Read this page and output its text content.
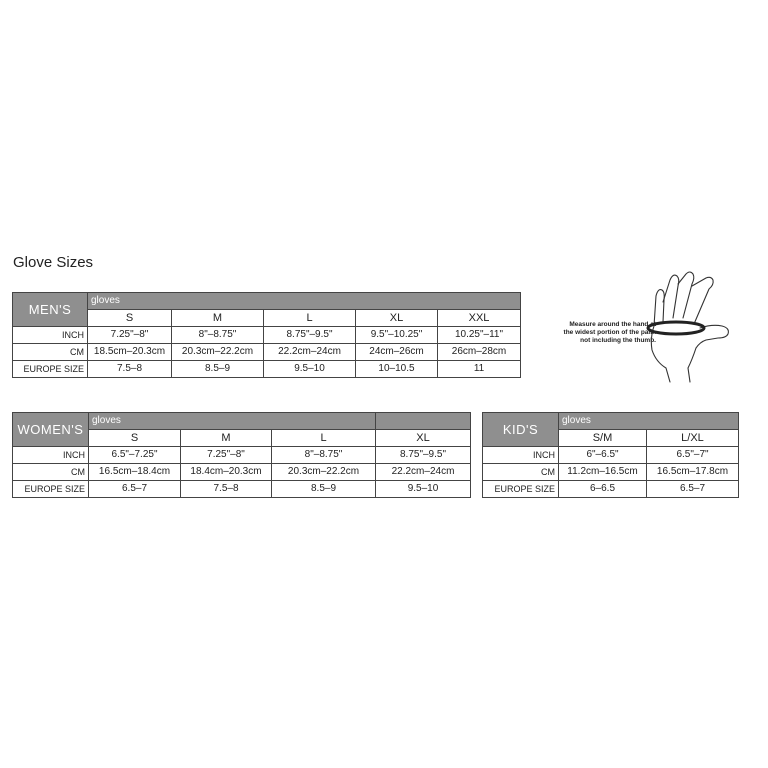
Glove Sizes
MEN'S	gloves				
	S	M	L	XL	XXL
INCH	7.25"–8"	8"–8.75"	8.75"–9.5"	9.5"–10.25"	10.25"–11"
CM	18.5cm–20.3cm	20.3cm–22.2cm	22.2cm–24cm	24cm–26cm	26cm–28cm
EUROPE SIZE	7.5–8	8.5–9	9.5–10	10–10.5	11
Measure around the hand at
the widest portion of the palm
not including the thumb.
WOMEN'S	gloves			
	S	M	L	XL
INCH	6.5"–7.25"	7.25"–8"	8"–8.75"	8.75"–9.5"
CM	16.5cm–18.4cm	18.4cm–20.3cm	20.3cm–22.2cm	22.2cm–24cm
EUROPE SIZE	6.5–7	7.5–8	8.5–9	9.5–10
KID'S	gloves	
	S/M	L/XL
INCH	6"–6.5"	6.5"–7"
CM	11.2cm–16.5cm	16.5cm–17.8cm
EUROPE SIZE	6–6.5	6.5–7
